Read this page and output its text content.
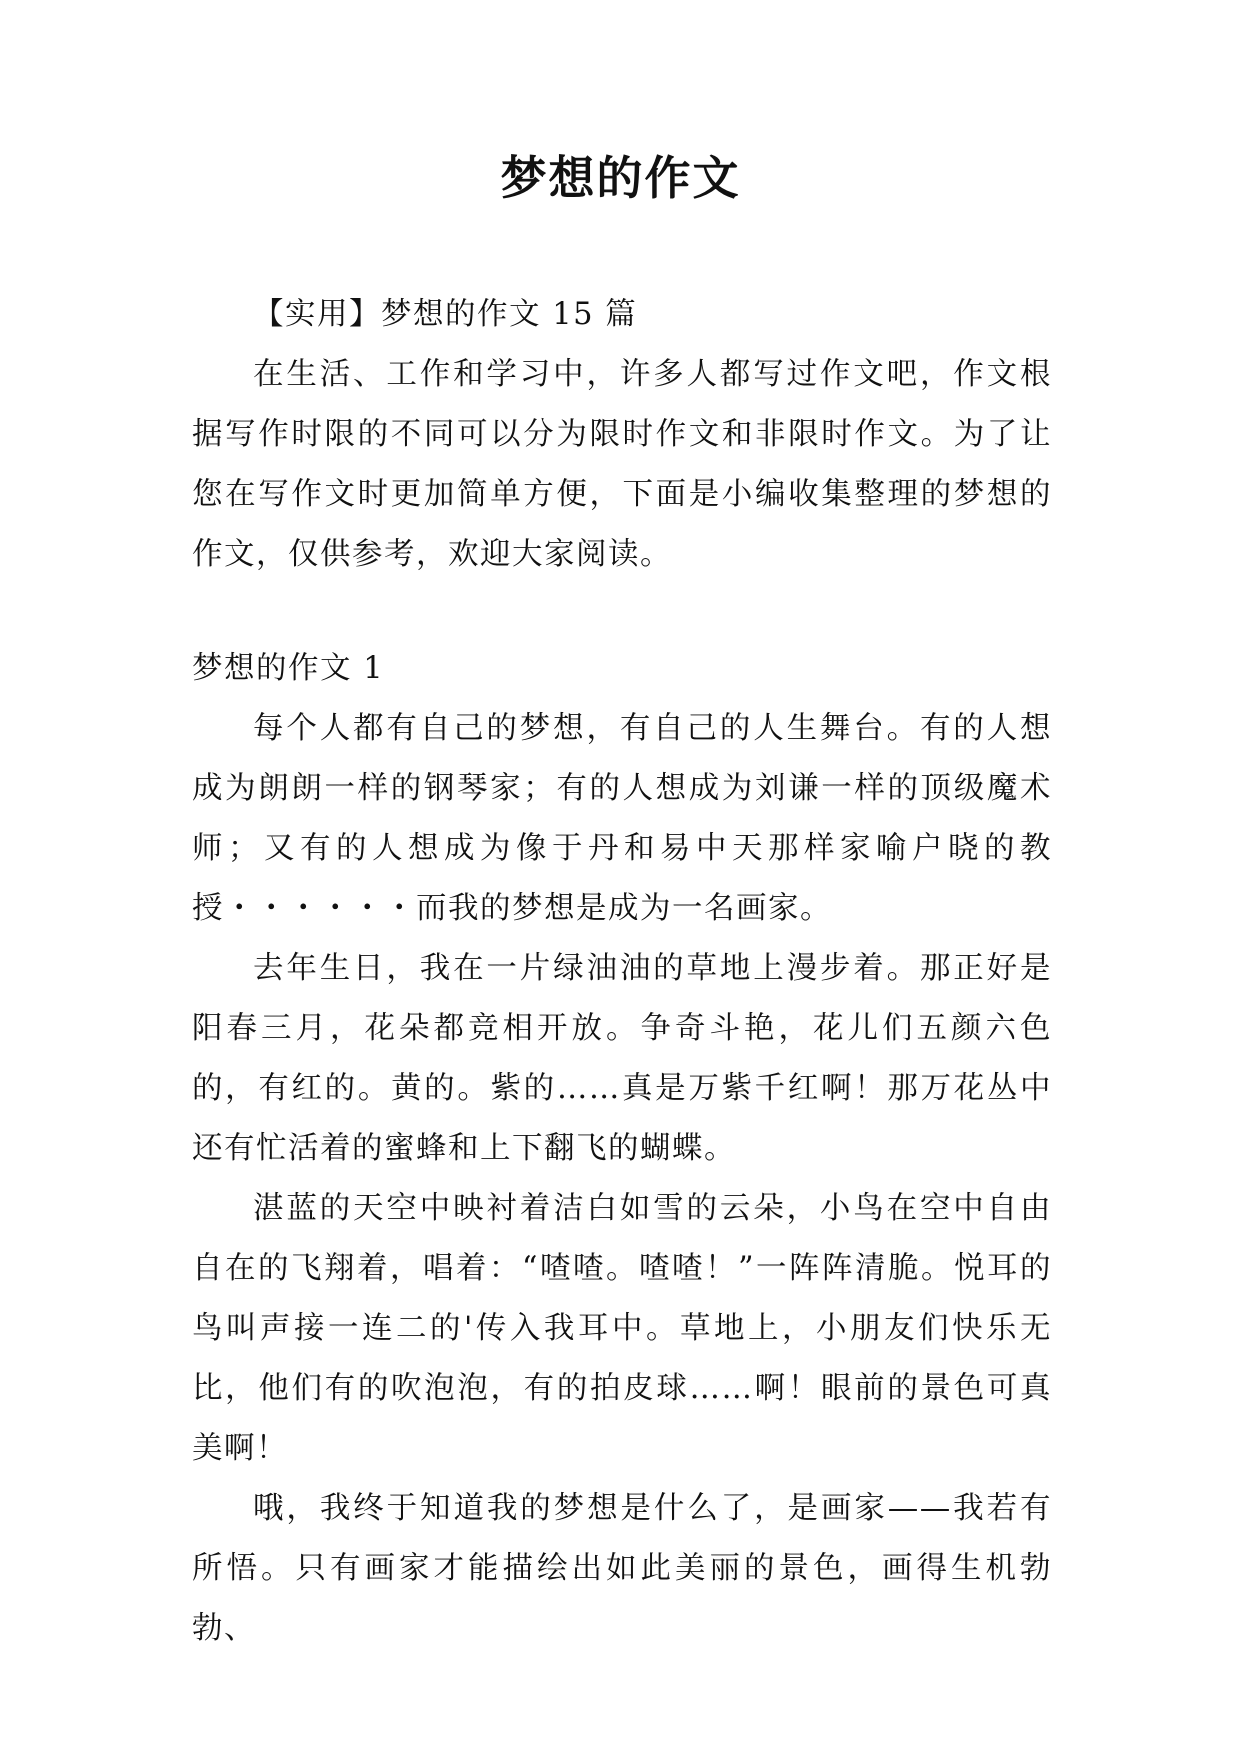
梦想的作文

【实用】梦想的作文 15 篇

在生活、工作和学习中，许多人都写过作文吧，作文根据写作时限的不同可以分为限时作文和非限时作文。为了让您在写作文时更加简单方便，下面是小编收集整理的梦想的作文，仅供参考，欢迎大家阅读。

梦想的作文 1

每个人都有自己的梦想，有自己的人生舞台。有的人想成为朗朗一样的钢琴家；有的人想成为刘谦一样的顶级魔术师；又有的人想成为像于丹和易中天那样家喻户晓的教授・・・・・・而我的梦想是成为一名画家。

去年生日，我在一片绿油油的草地上漫步着。那正好是阳春三月，花朵都竞相开放。争奇斗艳，花儿们五颜六色的，有红的。黄的。紫的……真是万紫千红啊！那万花丛中还有忙活着的蜜蜂和上下翻飞的蝴蝶。

湛蓝的天空中映衬着洁白如雪的云朵，小鸟在空中自由自在的飞翔着，唱着：“喳喳。喳喳！”一阵阵清脆。悦耳的鸟叫声接一连二的'传入我耳中。草地上，小朋友们快乐无比，他们有的吹泡泡，有的拍皮球……啊！眼前的景色可真美啊！

哦，我终于知道我的梦想是什么了，是画家——我若有所悟。只有画家才能描绘出如此美丽的景色，画得生机勃勃、
